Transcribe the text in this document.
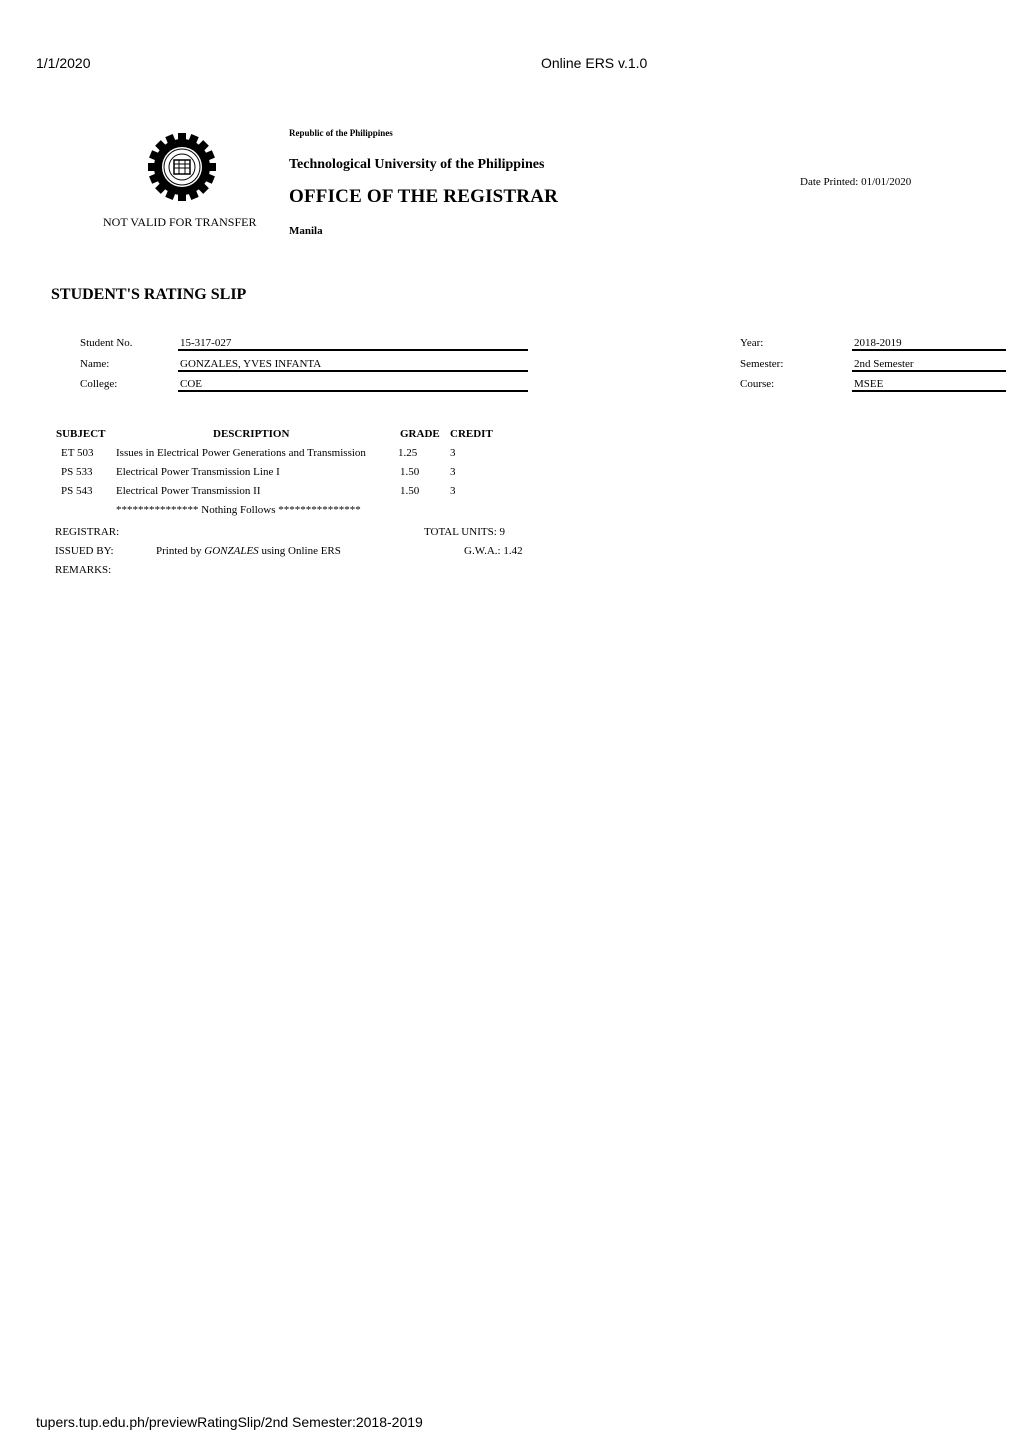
1/1/2020	Online ERS v.1.0
Republic of the Philippines
Technological University of the Philippines
OFFICE OF THE REGISTRAR
Manila
NOT VALID FOR TRANSFER
Date Printed: 01/01/2020
STUDENT'S RATING SLIP
Student No.	15-317-027
Name:	GONZALES, YVES INFANTA
College:	COE
Year:	2018-2019
Semester:	2nd Semester
Course:	MSEE
SUBJECT	DESCRIPTION	GRADE CREDIT
ET 503 Issues in Electrical Power Generations and Transmission	1.25	3
PS 533 Electrical Power Transmission Line I	1.50	3
PS 543 Electrical Power Transmission II	1.50	3
*************** Nothing Follows ***************
REGISTRAR:	TOTAL UNITS: 9
ISSUED BY:	Printed by GONZALES using Online ERS	G.W.A.: 1.42
REMARKS:
tupers.tup.edu.ph/previewRatingSlip/2nd Semester:2018-2019
